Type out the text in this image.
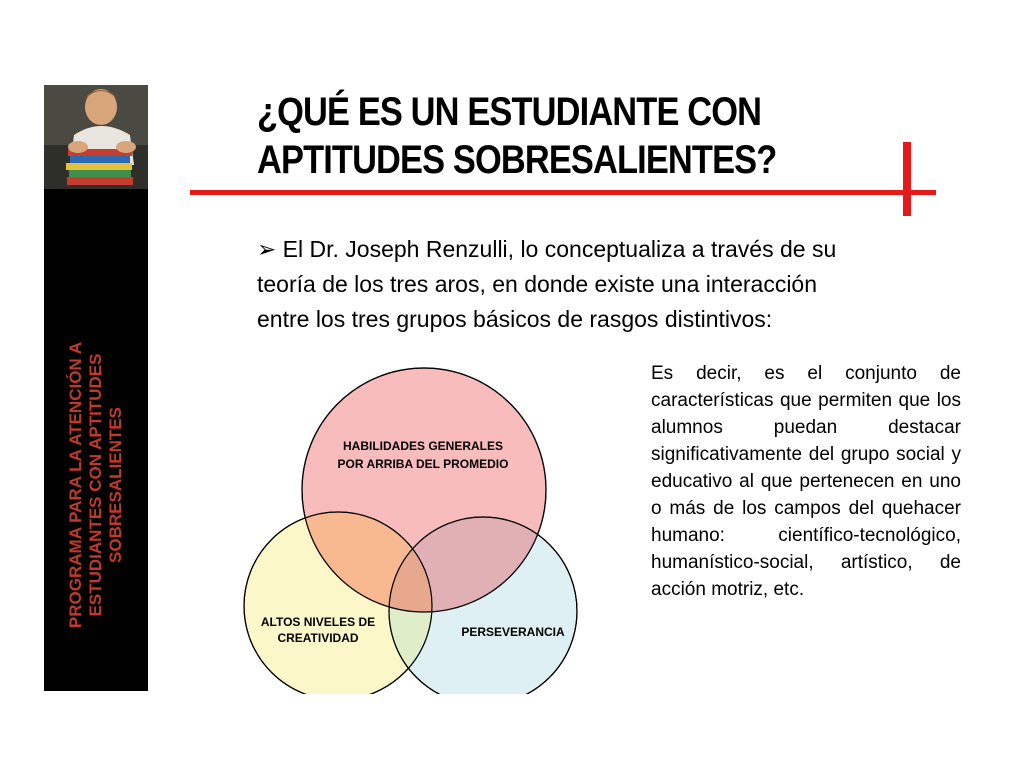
PROGRAMA PARA LA ATENCIÓN A ESTUDIANTES CON APTITUDES SOBRESALIENTES
¿QUÉ ES UN ESTUDIANTE CON
APTITUDES SOBRESALIENTES?

➢ El Dr. Joseph Renzulli, lo conceptualiza a través de su teoría de los tres aros, en donde existe una interacción entre los tres grupos básicos de rasgos distintivos:

HABILIDADES GENERALES
POR ARRIBA DEL PROMEDIO
ALTOS NIVELES DE
CREATIVIDAD	PERSEVERANCIA

Es decir, es el conjunto de características que permiten que los alumnos puedan destacar significativamente del grupo social y educativo al que pertenecen en uno o más de los campos del quehacer humano: científico-tecnológico, humanístico-social, artístico, de acción motriz, etc.
